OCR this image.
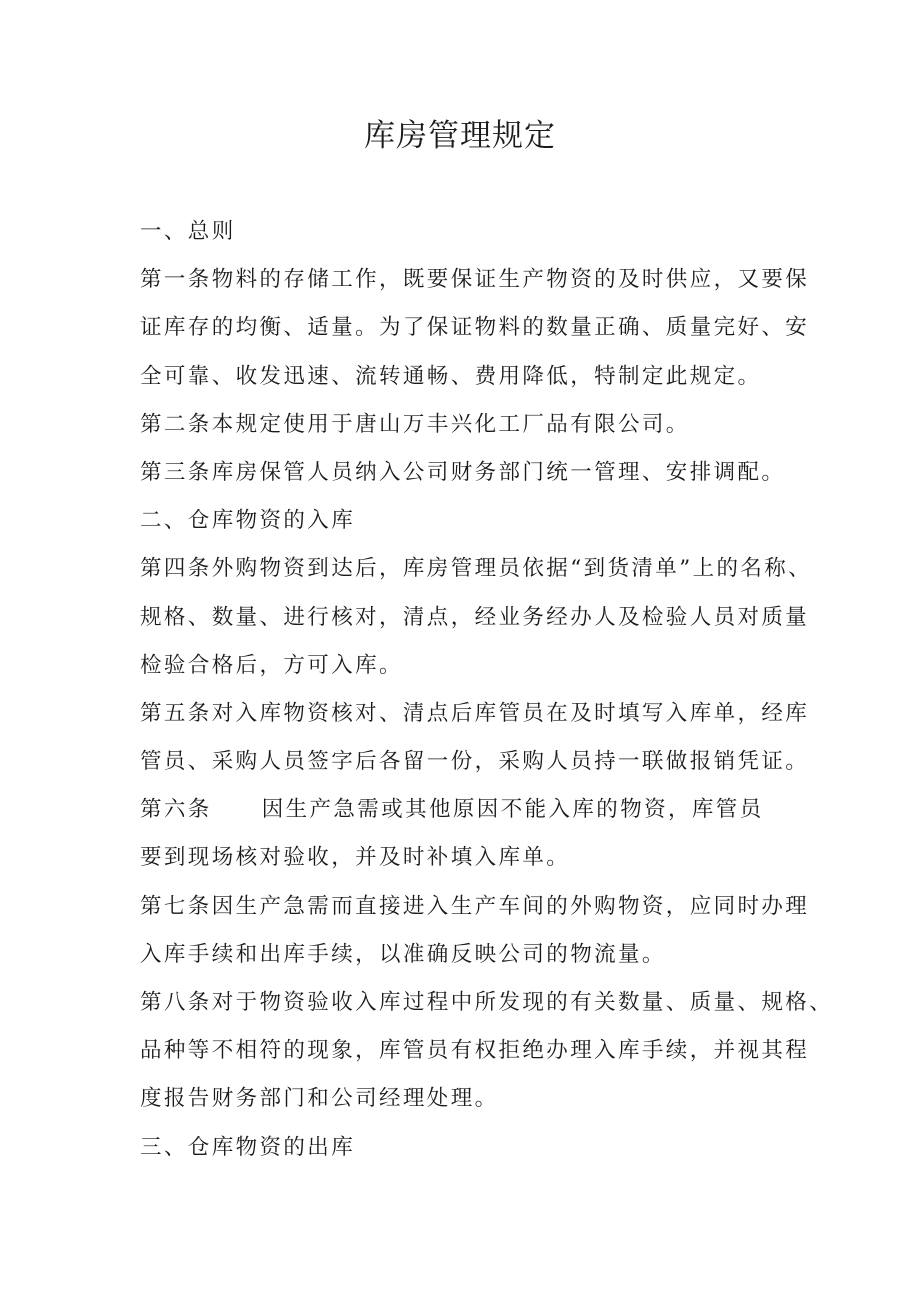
库房管理规定
一、总则
第一条物料的存储工作，既要保证生产物资的及时供应，又要保
证库存的均衡、适量。为了保证物料的数量正确、质量完好、安
全可靠、收发迅速、流转通畅、费用降低，特制定此规定。
第二条本规定使用于唐山万丰兴化工厂品有限公司。
第三条库房保管人员纳入公司财务部门统一管理、安排调配。
二、仓库物资的入库
第四条外购物资到达后，库房管理员依据“到货清单”上的名称、
规格、数量、进行核对，清点，经业务经办人及检验人员对质量
检验合格后，方可入库。
第五条对入库物资核对、清点后库管员在及时填写入库单，经库
管员、采购人员签字后各留一份，采购人员持一联做报销凭证。
第六条 因生产急需或其他原因不能入库的物资，库管员
要到现场核对验收，并及时补填入库单。
第七条因生产急需而直接进入生产车间的外购物资，应同时办理
入库手续和出库手续，以准确反映公司的物流量。
第八条对于物资验收入库过程中所发现的有关数量、质量、规格、
品种等不相符的现象，库管员有权拒绝办理入库手续，并视其程
度报告财务部门和公司经理处理。
三、仓库物资的出库
